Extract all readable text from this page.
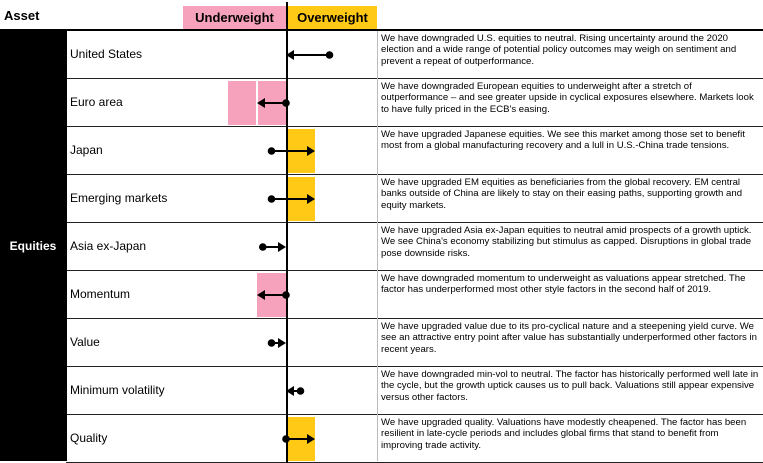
Asset	Underweight	Overweight
Equities
United States
We have downgraded U.S. equities to neutral. Rising uncertainty around the 2020 election and a wide range of potential policy outcomes may weigh on sentiment and prevent a repeat of outperformance.
Euro area
We have downgraded European equities to underweight after a stretch of outperformance – and see greater upside in cyclical exposures elsewhere. Markets look to have fully priced in the ECB's easing.
Japan
We have upgraded Japanese equities. We see this market among those set to benefit most from a global manufacturing recovery and a lull in U.S.-China trade tensions.
Emerging markets
We have upgraded EM equities as beneficiaries from the global recovery. EM central banks outside of China are likely to stay on their easing paths, supporting growth and equity markets.
Asia ex-Japan
We have upgraded Asia ex-Japan equities to neutral amid prospects of a growth uptick. We see China's economy stabilizing but stimulus as capped. Disruptions in global trade pose downside risks.
Momentum
We have downgraded momentum to underweight as valuations appear stretched. The factor has underperformed most other style factors in the second half of 2019.
Value
We have upgraded value due to its pro-cyclical nature and a steepening yield curve. We see an attractive entry point after value has substantially underperformed other factors in recent years.
Minimum volatility
We have downgraded min-vol to neutral. The factor has historically performed well late in the cycle, but the growth uptick causes us to pull back. Valuations still appear expensive versus other factors.
Quality
We have upgraded quality. Valuations have modestly cheapened. The factor has been resilient in late-cycle periods and includes global firms that stand to benefit from improving trade activity.
